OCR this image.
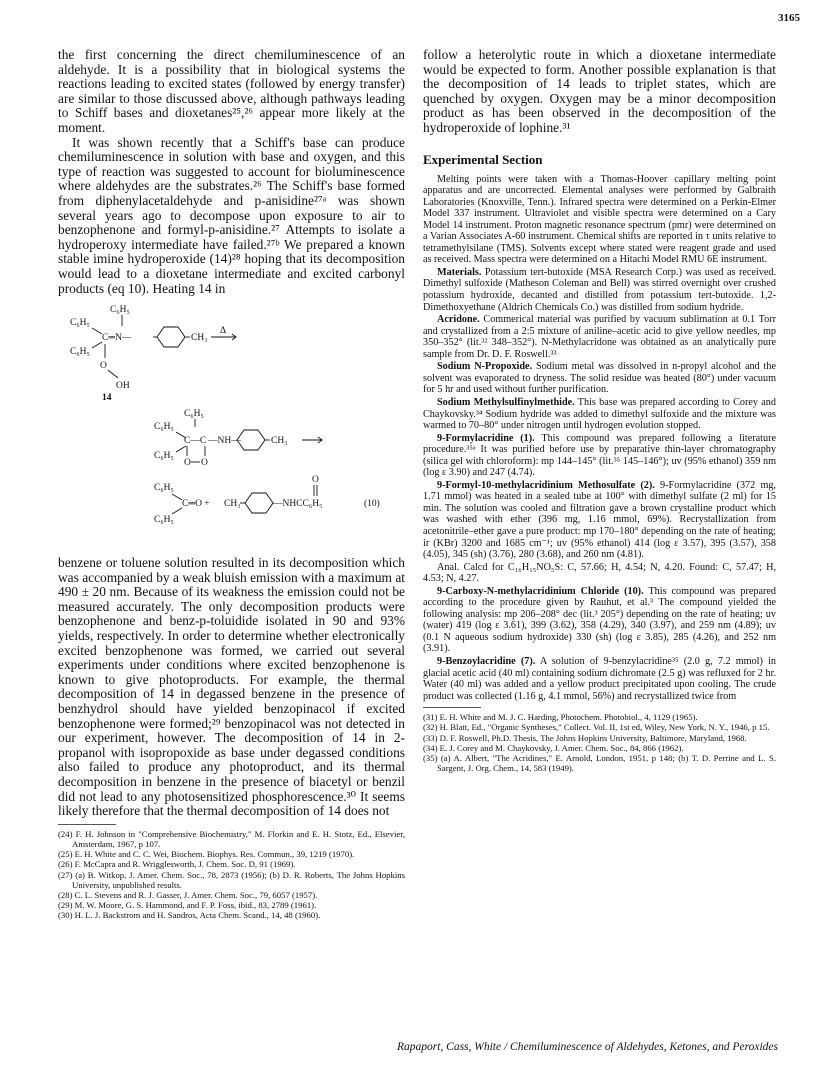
3165

the first concerning the direct chemiluminescence of an aldehyde. It is a possibility that in biological systems the reactions leading to excited states (followed by energy transfer) are similar to those discussed above, although pathways leading to Schiff bases and dioxetanes²⁵,²⁶ appear more likely at the moment.

It was shown recently that a Schiff's base can produce chemiluminescence in solution with base and oxygen, and this type of reaction was suggested to account for bioluminescence where aldehydes are the substrates.²⁶ The Schiff's base formed from diphenylacetaldehyde and p-anisidine²⁷ᵃ was shown several years ago to decompose upon exposure to air to benzophenone and formyl-p-anisidine.²⁷ Attempts to isolate a hydroperoxy intermediate have failed.²⁷ᵇ We prepared a known stable imine hydroperoxide (14)²⁸ hoping that its decomposition would lead to a dioxetane intermediate and excited carbonyl products (eq 10). Heating 14 in

C₆H₅
C₆H₅
C═N—
C₆H₅
O
OH
CH₃
Δ
14
C₆H₅
C₆H₅
C—C
C₆H₅
O O
—NH—	CH₃
C₆H₅
C═O +
C₆H₅
CH₃
O
—NHCC₆H₅	(10)

benzene or toluene solution resulted in its decomposition which was accompanied by a weak bluish emission with a maximum at 490 ± 20 nm. Because of its weakness the emission could not be measured accurately. The only decomposition products were benzophenone and benz-p-toluidide isolated in 90 and 93% yields, respectively. In order to determine whether electronically excited benzophenone was formed, we carried out several experiments under conditions where excited benzophenone is known to give photoproducts. For example, the thermal decomposition of 14 in degassed benzene in the presence of benzhydrol should have yielded benzopinacol if excited benzophenone were formed;²⁹ benzopinacol was not detected in our experiment, however. The decomposition of 14 in 2-propanol with isopropoxide as base under degassed conditions also failed to produce any photoproduct, and its thermal decomposition in benzene in the presence of biacetyl or benzil did not lead to any photosensitized phosphorescence.³⁰ It seems likely therefore that the thermal decomposition of 14 does not

(24) F. H. Johnson in "Comprehensive Biochemistry," M. Florkin and E. H. Stotz, Ed., Elsevier, Amsterdam, 1967, p 107.

(25) E. H. White and C. C. Wei, Biochem. Biophys. Res. Commun., 39, 1219 (1970).

(26) F. McCapra and R. Wrigglesworth, J. Chem. Soc. D, 91 (1969).

(27) (a) B. Witkop, J. Amer. Chem. Soc., 78, 2873 (1956); (b) D. R. Roberts, The Johns Hopkins University, unpublished results.

(28) C. L. Stevens and R. J. Gasser, J. Amer. Chem. Soc., 79, 6057 (1957).

(29) M. W. Moore, G. S. Hammond, and F. P. Foss, ibid., 83, 2789 (1961).

(30) H. L. J. Backstrom and H. Sandros, Acta Chem. Scand., 14, 48 (1960).

follow a heterolytic route in which a dioxetane intermediate would be expected to form. Another possible explanation is that the decomposition of 14 leads to triplet states, which are quenched by oxygen. Oxygen may be a minor decomposition product as has been observed in the decomposition of the hydroperoxide of lophine.³¹

Experimental Section

Melting points were taken with a Thomas-Hoover capillary melting point apparatus and are uncorrected. Elemental analyses were performed by Galbraith Laboratories (Knoxville, Tenn.). Infrared spectra were determined on a Perkin-Elmer Model 337 instrument. Ultraviolet and visible spectra were determined on a Cary Model 14 instrument. Proton magnetic resonance spectrum (pmr) were determined on a Varian Associates A-60 instrument. Chemical shifts are reported in τ units relative to tetramethylsilane (TMS). Solvents except where stated were reagent grade and used as received. Mass spectra were determined on a Hitachi Model RMU 6E instrument.

Materials. Potassium tert-butoxide (MSA Research Corp.) was used as received. Dimethyl sulfoxide (Matheson Coleman and Bell) was stirred overnight over crushed potassium hydroxide, decanted and distilled from potassium tert-butoxide. 1,2-Dimethoxyethane (Aldrich Chemicals Co.) was distilled from sodium hydride.

Acridone. Commerical material was purified by vacuum sublimation at 0.1 Torr and crystallized from a 2:5 mixture of aniline–acetic acid to give yellow needles, mp 350–352° (lit.³² 348–352°). N-Methylacridone was obtained as an analytically pure sample from Dr. D. F. Roswell.³³

Sodium N-Propoxide. Sodium metal was dissolved in n-propyl alcohol and the solvent was evaporated to dryness. The solid residue was heated (80°) under vacuum for 5 hr and used without further purification.

Sodium Methylsulfinylmethide. This base was prepared according to Corey and Chaykovsky.³⁴ Sodium hydride was added to dimethyl sulfoxide and the mixture was warmed to 70–80° under nitrogen until hydrogen evolution stopped.

9-Formylacridine (1). This compound was prepared following a literature procedure.³⁵ᵃ It was purified before use by preparative thin-layer chromatography (silica gel with chloroform): mp 144–145° (lit.³⁵ 145–146°); uv (95% ethanol) 359 nm (log ε 3.90) and 247 (4.74).

9-Formyl-10-methylacridinium Methosulfate (2). 9-Formylacridine (372 mg, 1.71 mmol) was heated in a sealed tube at 100° with dimethyl sulfate (2 ml) for 15 min. The solution was cooled and filtration gave a brown crystalline product which was washed with ether (396 mg, 1.16 mmol, 69%). Recrystallization from acetonitrile–ether gave a pure product: mp 170–180° depending on the rate of heating; ir (KBr) 3200 and 1685 cm⁻¹; uv (95% ethanol) 414 (log ε 3.57), 395 (3.57), 358 (4.05), 345 (sh) (3.76), 280 (3.68), and 260 nm (4.81).

Anal. Calcd for C₁₆H₁₅NO₅S: C, 57.66; H, 4.54; N, 4.20. Found: C, 57.47; H, 4.53; N, 4.27.

9-Carboxy-N-methylacridinium Chloride (10). This compound was prepared according to the procedure given by Rauhut, et al.³ The compound yielded the following analysis: mp 206–208° dec (lit.³ 205°) depending on the rate of heating; uv (water) 419 (log ε 3.61), 399 (3.62), 358 (4.29), 340 (3.97), and 259 nm (4.89); uv (0.1 N aqueous sodium hydroxide) 330 (sh) (log ε 3.85), 285 (4.26), and 252 nm (3.91).

9-Benzoylacridine (7). A solution of 9-benzylacridine³⁵ (2.0 g, 7.2 mmol) in glacial acetic acid (40 ml) containing sodium dichromate (2.5 g) was refluxed for 2 hr. Water (40 ml) was added and a yellow product precipitated upon cooling. The crude product was collected (1.16 g, 4.1 mmol, 56%) and recrystallized twice from

(31) E. H. White and M. J. C. Harding, Photochem. Photobiol., 4, 1129 (1965).

(32) H. Blatt, Ed., "Organic Syntheses," Collect. Vol. II, 1st ed, Wiley, New York, N. Y., 1946, p 15.

(33) D. F. Roswell, Ph.D. Thesis, The Johns Hopkins University, Baltimore, Maryland, 1968.

(34) E. J. Corey and M. Chaykovsky, J. Amer. Chem. Soc., 84, 866 (1962).

(35) (a) A. Albert, "The Acridines," E. Arnold, London, 1951, p 148; (b) T. D. Perrine and L. S. Sargent, J. Org. Chem., 14, 583 (1949).

Rapaport, Cass, White / Chemiluminescence of Aldehydes, Ketones, and Peroxides
